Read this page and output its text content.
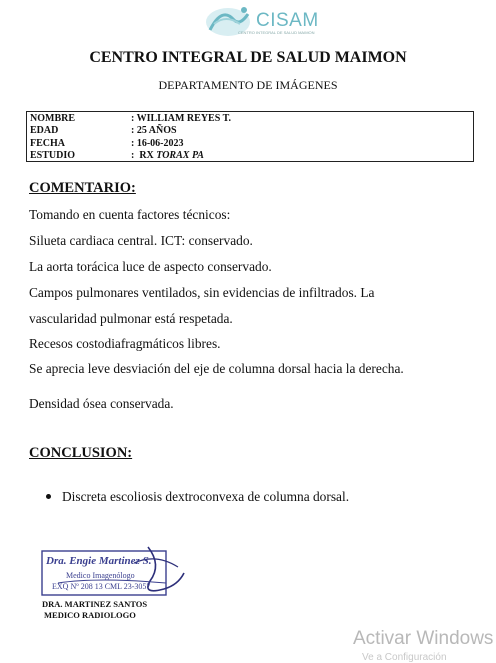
CISAM
CENTRO INTEGRAL DE SALUD MAIMON
CENTRO INTEGRAL DE SALUD MAIMON
DEPARTAMENTO DE IMÁGENES
NOMBRE	: WILLIAM REYES T.
EDAD	: 25 AÑOS
FECHA	: 16-06-2023
ESTUDIO	:  RX TORAX PA
COMENTARIO:
Tomando en cuenta factores técnicos:
Silueta cardiaca central. ICT: conservado.
La aorta torácica luce de aspecto conservado.
Campos pulmonares ventilados, sin evidencias de infiltrados. La
vascularidad pulmonar está respetada.
Recesos costodiafragmáticos libres.
Se aprecia leve desviación del eje de columna dorsal hacia la derecha.
Densidad ósea conservada.
CONCLUSION:
Discreta escoliosis dextroconvexa de columna dorsal.
Dra. Engie Martinez S.
Medico Imagenólogo
EXQ Nº 208 13 CML 23-3057
DRA. MARTINEZ SANTOS
MEDICO RADIOLOGO
Activar Windows
Ve a Configuración
